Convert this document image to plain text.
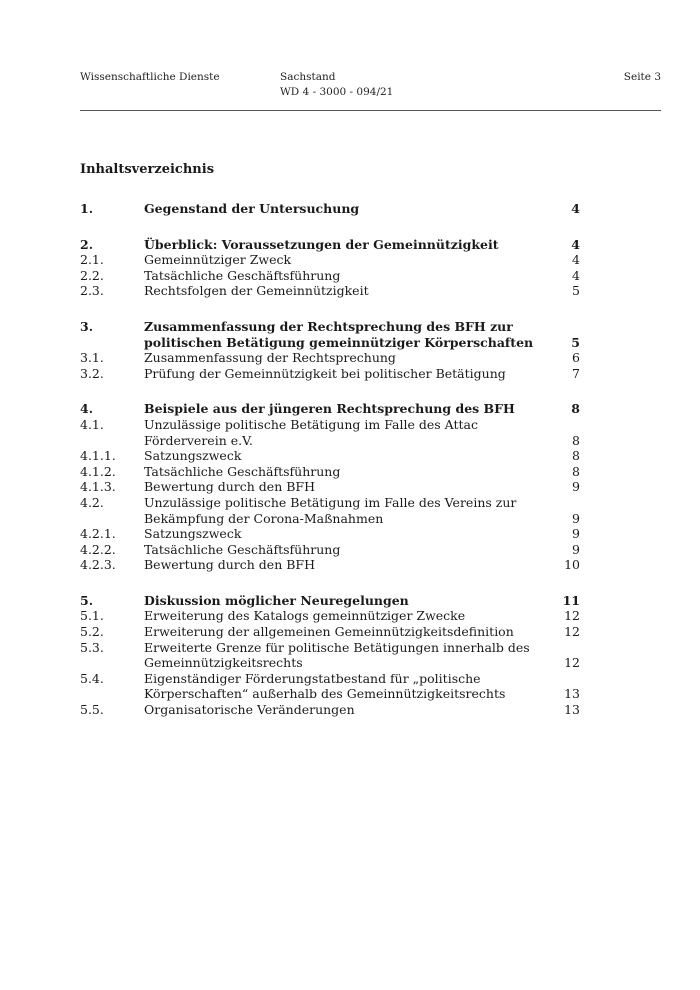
Wissenschaftliche Dienste	Sachstand
WD 4 - 3000 - 094/21
Seite 3
Inhaltsverzeichnis
1.	Gegenstand der Untersuchung	4
2.	Überblick: Voraussetzungen der Gemeinnützigkeit	4
2.1.	Gemeinnütziger Zweck	4
2.2.	Tatsächliche Geschäftsführung	4
2.3.	Rechtsfolgen der Gemeinnützigkeit	5
3.	Zusammenfassung der Rechtsprechung des BFH zur politischen Betätigung gemeinnütziger Körperschaften	5
3.1.	Zusammenfassung der Rechtsprechung	6
3.2.	Prüfung der Gemeinnützigkeit bei politischer Betätigung	7
4.	Beispiele aus der jüngeren Rechtsprechung des BFH	8
4.1.	Unzulässige politische Betätigung im Falle des Attac Förderverein e.V.	8
4.1.1. Satzungszweck	8
4.1.2. Tatsächliche Geschäftsführung	8
4.1.3. Bewertung durch den BFH	9
4.2.	Unzulässige politische Betätigung im Falle des Vereins zur Bekämpfung der Corona-Maßnahmen	9
4.2.1. Satzungszweck	9
4.2.2. Tatsächliche Geschäftsführung	9
4.2.3. Bewertung durch den BFH	10
5.	Diskussion möglicher Neuregelungen	11
5.1.	Erweiterung des Katalogs gemeinnütziger Zwecke	12
5.2.	Erweiterung der allgemeinen Gemeinnützigkeitsdefinition	12
5.3.	Erweiterte Grenze für politische Betätigungen innerhalb des Gemeinnützigkeitsrechts	12
5.4.	Eigenständiger Förderungstatbestand für „politische Körperschaften“ außerhalb des Gemeinnützigkeitsrechts	13
5.5.	Organisatorische Veränderungen	13
